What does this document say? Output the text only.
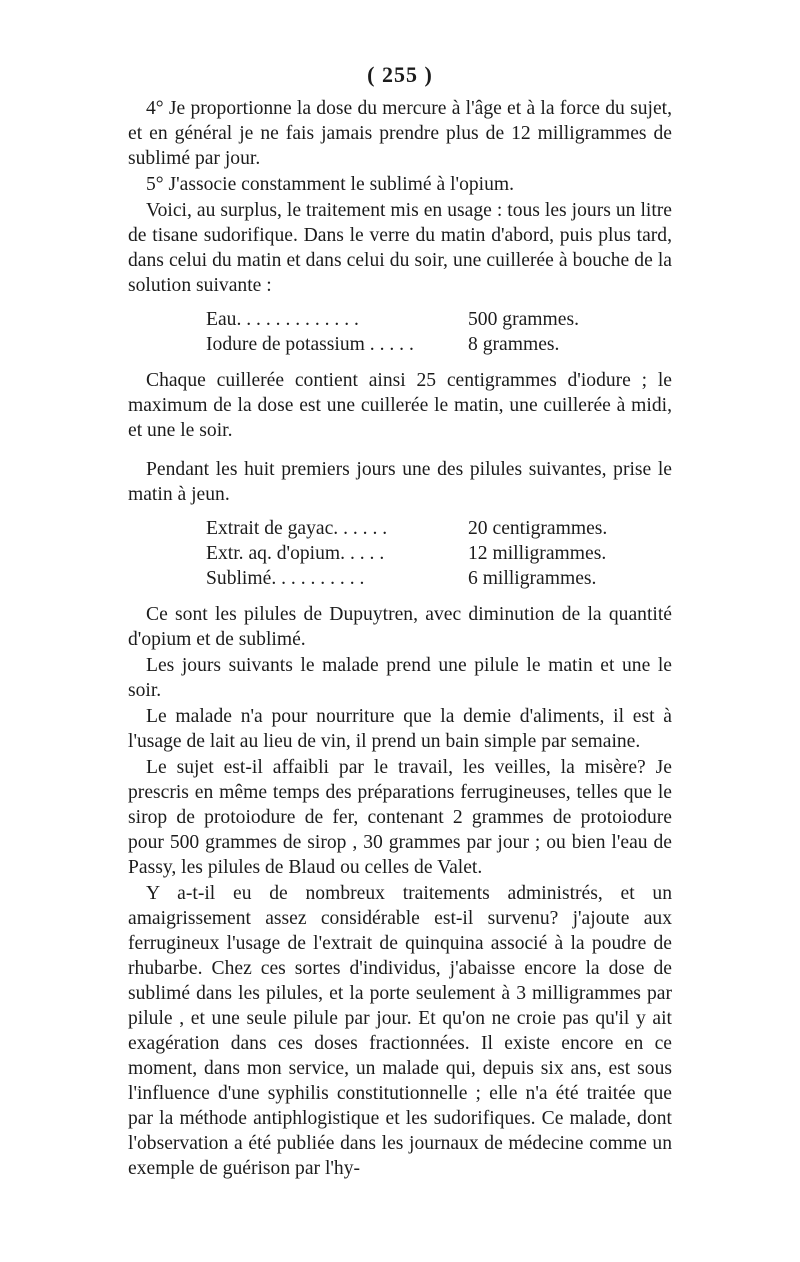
( 255 )

4° Je proportionne la dose du mercure à l'âge et à la force du sujet, et en général je ne fais jamais prendre plus de 12 milligrammes de sublimé par jour.

5° J'associe constamment le sublimé à l'opium.

Voici, au surplus, le traitement mis en usage : tous les jours un litre de tisane sudorifique. Dans le verre du matin d'abord, puis plus tard, dans celui du matin et dans celui du soir, une cuillerée à bouche de la solution suivante :

Eau. . . . . . . . . . . . .	500 grammes.
Iodure de potassium . . . . .	8 grammes.

Chaque cuillerée contient ainsi 25 centigrammes d'iodure ; le maximum de la dose est une cuillerée le matin, une cuillerée à midi, et une le soir.

Pendant les huit premiers jours une des pilules suivantes, prise le matin à jeun.

Extrait de gayac. . . . . .	20 centigrammes.
Extr. aq. d'opium. . . . .	12 milligrammes.
Sublimé. . . . . . . . . .	6 milligrammes.

Ce sont les pilules de Dupuytren, avec diminution de la quantité d'opium et de sublimé.

Les jours suivants le malade prend une pilule le matin et une le soir.

Le malade n'a pour nourriture que la demie d'aliments, il est à l'usage de lait au lieu de vin, il prend un bain simple par semaine.

Le sujet est-il affaibli par le travail, les veilles, la misère? Je prescris en même temps des préparations ferrugineuses, telles que le sirop de protoiodure de fer, contenant 2 grammes de protoiodure pour 500 grammes de sirop , 30 grammes par jour ; ou bien l'eau de Passy, les pilules de Blaud ou celles de Valet.

Y a-t-il eu de nombreux traitements administrés, et un amaigrissement assez considérable est-il survenu? j'ajoute aux ferrugineux l'usage de l'extrait de quinquina associé à la poudre de rhubarbe. Chez ces sortes d'individus, j'abaisse encore la dose de sublimé dans les pilules, et la porte seulement à 3 milligrammes par pilule , et une seule pilule par jour. Et qu'on ne croie pas qu'il y ait exagération dans ces doses fractionnées. Il existe encore en ce moment, dans mon service, un malade qui, depuis six ans, est sous l'influence d'une syphilis constitutionnelle ; elle n'a été traitée que par la méthode antiphlogistique et les sudorifiques. Ce malade, dont l'observation a été publiée dans les journaux de médecine comme un exemple de guérison par l'hy-
